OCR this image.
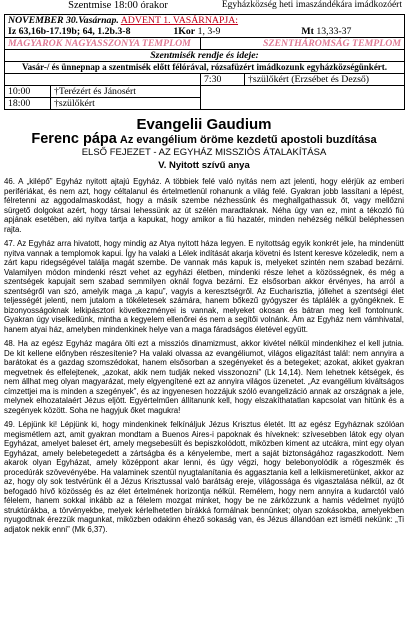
Szentmise 18:00 órakor	Egyházközség heti imaszándékára imádkozóért
NOVEMBER 30.Vasárnap. ADVENT 1. VASÁRNAPJA:			
Iz 63,16b-17.19b; 64, 1.2b.3-8 1Kor 1, 3-9 Mt 13,33-37			
MAGYAROK NAGYASSZONYA TEMPLOM		SZENTHÁROMSÁG TEMPLOM	
Szentmisék rendje és ideje:			
Vasár-/ és ünnepnap a szentmisék előtt félórával, rózsafüzért imádkozunk egyházközségünkért.			
		7:30	†szülőkért (Erzsébet és Dezső)
10:00	†Terézért és Jánosért		
18:00	†szülőkért		
Evangelii Gaudium
Ferenc pápa Az evangélium öröme kezdetű apostoli buzdítása
ELSŐ FEJEZET - AZ EGYHÁZ MISSZIÓS ÁTALAKÍTÁSA
V. Nyitott szívű anya

46. A „kilépő” Egyház nyitott ajtajú Egyház. A többiek felé való nyitás nem azt jelenti, hogy elérjük az emberi perifériákat, és nem azt, hogy céltalanul és értelmetlenül rohanunk a világ felé. Gyakran jobb lassítani a lépést, félretenni az aggodalmaskodást, hogy a másik szembe nézhessünk és meghallgathassuk őt, vagy mellőzni sürgető dolgokat azért, hogy társai lehessünk az út szélén maradtaknak. Néha úgy van ez, mint a tékozló fiú apjának esetében, aki nyitva tartja a kapukat, hogy amikor a fiú hazatér, minden nehézség nélkül beléphessen rajta.

47. Az Egyház arra hivatott, hogy mindig az Atya nyitott háza legyen. E nyitottság egyik konkrét jele, ha mindenütt nyitva vannak a templomok kapui. Így ha valaki a Lélek indítását akarja követni és Istent keresve közeledik, nem a zárt kapu ridegségével találja magát szembe. De vannak más kapuk is, melyeket szintén nem szabad bezárni. Valamilyen módon mindenki részt vehet az egyházi életben, mindenki része lehet a közösségnek, és még a szentségek kapujait sem szabad semmilyen oknál fogva bezárni. Ez elsősorban akkor érvényes, ha arról a szentségről van szó, amelyik maga „a kapu”, vagyis a keresztségről. Az Eucharisztia, jóllehet a szentségi élet teljességét jelenti, nem jutalom a tökéletesek számára, hanem bőkezű gyógyszer és táplálék a gyöngéknek. E bizonyosságoknak lelkipásztori következményei is vannak, melyeket okosan és bátran meg kell fontolnunk. Gyakran úgy viselkedünk, mintha a kegyelem ellenőrei és nem a segítői volnánk. Ám az Egyház nem vámhivatal, hanem atyai ház, amelyben mindenkinek helye van a maga fáradságos életével együtt.

48. Ha az egész Egyház magára ölti ezt a missziós dinamizmust, akkor kivétel nélkül mindenkihez el kell jutnia. De kit kellene előnyben részesítenie? Ha valaki olvassa az evangéliumot, világos eligazítást talál: nem annyira a barátokat és a gazdag szomszédokat, hanem elsősorban a szegényeket és a betegeket; azokat, akiket gyakran megvetnek és elfelejtenek, „azokat, akik nem tudják neked visszonozni” (Lk 14,14). Nem lehetnek kétségek, és nem állhat meg olyan magyarázat, mely elgyengítené ezt az annyira világos üzenetet. „Az evangélium kiváltságos címzettjei ma is minden a szegények”, és az ingyenesen hozzájuk szóló evangelizáció annak az országnak a jele, melynek elhozatalaért Jézus eljött. Egyértelműen állítanunk kell, hogy elszakíthatatlan kapcsolat van hitünk és a szegények között. Soha ne hagyjuk őket magukra!

49. Lépjünk ki! Lépjünk ki, hogy mindenkinek felkínáljuk Jézus Krisztus életét. Itt az egész Egyháznak szólóan megismétlem azt, amit gyakran mondtam a Buenos Aires-i papoknak és híveknek: szívesebben látok egy olyan Egyházat, amelyet baleset ért, amely megsebesült és bepiszkolódott, miközben kiment az utcákra, mint egy olyan Egyházat, amely belebetegedett a zártságba és a kényelembe, mert a saját biztonságához ragaszkodott. Nem akarok olyan Egyházat, amely középpont akar lenni, és úgy végzi, hogy belebonyolódik a rögeszmék és procedúrák szövevényébe. Ha valaminek szentül nyugtalanítania és aggasztania kell a lelkiismeretünket, akkor az az, hogy oly sok testvérünk él a Jézus Krisztussal való barátság ereje, világossága és vigasztalása nélkül, az őt befogadó hívő közösség és az élet értelmének horizontja nélkül. Remélem, hogy nem annyira a kudarctól való félelem, hanem sokkal inkább az a félelem mozgat minket, hogy be ne zárkózzunk a hamis védelmet nyújtó struktúrákba, a törvényekbe, melyek kérlelhetetlen bírákká formálnak bennünket; olyan szokásokba, amelyekben nyugodtnak érezzük magunkat, miközben odakinn éhező sokaság van, és Jézus állandóan ezt ismétli nekünk: „Ti adjatok nekik enni” (Mk 6,37).
